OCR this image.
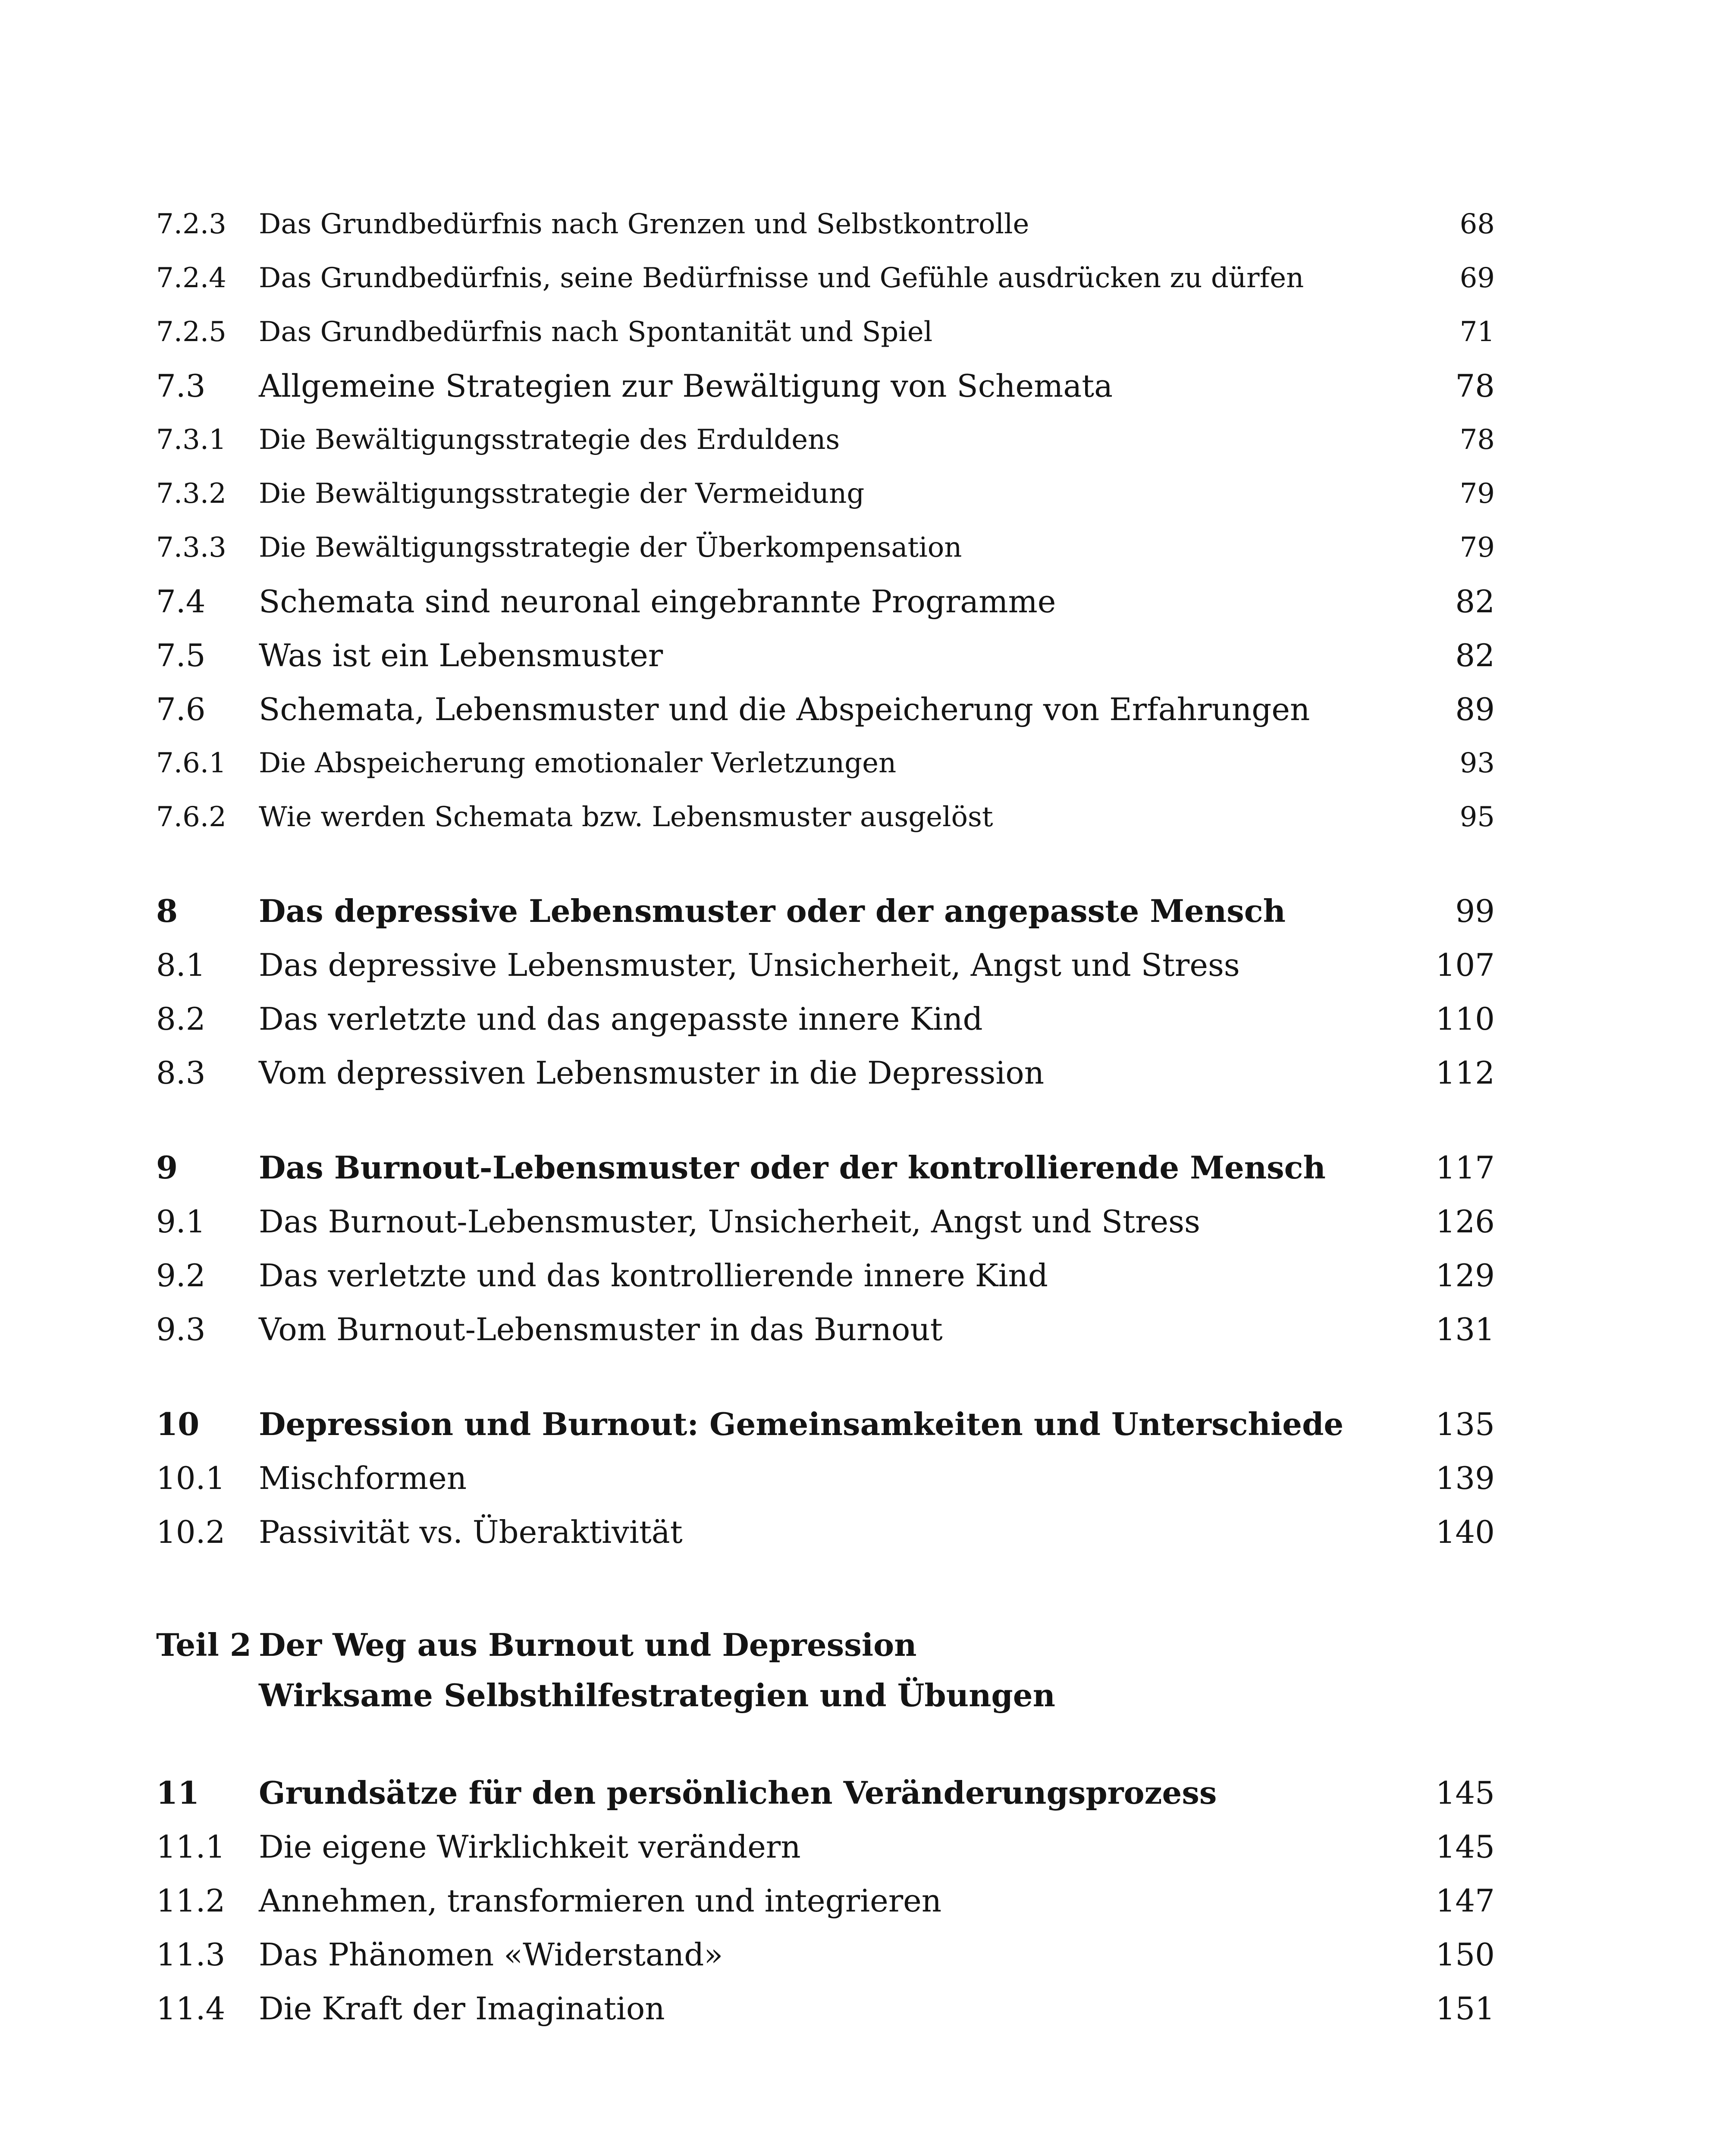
7.2.3 Das Grundbedürfnis nach Grenzen und Selbstkontrolle	68
7.2.4 Das Grundbedürfnis, seine Bedürfnisse und Gefühle ausdrücken zu dürfen	69
7.2.5 Das Grundbedürfnis nach Spontanität und Spiel	71
7.3 Allgemeine Strategien zur Bewältigung von Schemata	78
7.3.1 Die Bewältigungsstrategie des Erduldens	78
7.3.2 Die Bewältigungsstrategie der Vermeidung	79
7.3.3 Die Bewältigungsstrategie der Überkompensation	79
7.4 Schemata sind neuronal eingebrannte Programme	82
7.5 Was ist ein Lebensmuster	82
7.6 Schemata, Lebensmuster und die Abspeicherung von Erfahrungen	89
7.6.1 Die Abspeicherung emotionaler Verletzungen	93
7.6.2 Wie werden Schemata bzw. Lebensmuster ausgelöst	95
8	Das depressive Lebensmuster oder der angepasste Mensch	99
8.1 Das depressive Lebensmuster, Unsicherheit, Angst und Stress	107
8.2 Das verletzte und das angepasste innere Kind	110
8.3 Vom depressiven Lebensmuster in die Depression	112
9	Das Burnout-Lebensmuster oder der kontrollierende Mensch	117
9.1 Das Burnout-Lebensmuster, Unsicherheit, Angst und Stress	126
9.2 Das verletzte und das kontrollierende innere Kind	129
9.3 Vom Burnout-Lebensmuster in das Burnout	131
10 Depression und Burnout: Gemeinsamkeiten und Unterschiede	135
10.1 Mischformen	139
10.2 Passivität vs. Überaktivität	140
Teil 2 Der Weg aus Burnout und Depression
Wirksame Selbsthilfestrategien und Übungen
11 Grundsätze für den persönlichen Veränderungsprozess	145
11.1 Die eigene Wirklichkeit verändern	145
11.2 Annehmen, transformieren und integrieren	147
11.3 Das Phänomen «Widerstand»	150
11.4 Die Kraft der Imagination	151
